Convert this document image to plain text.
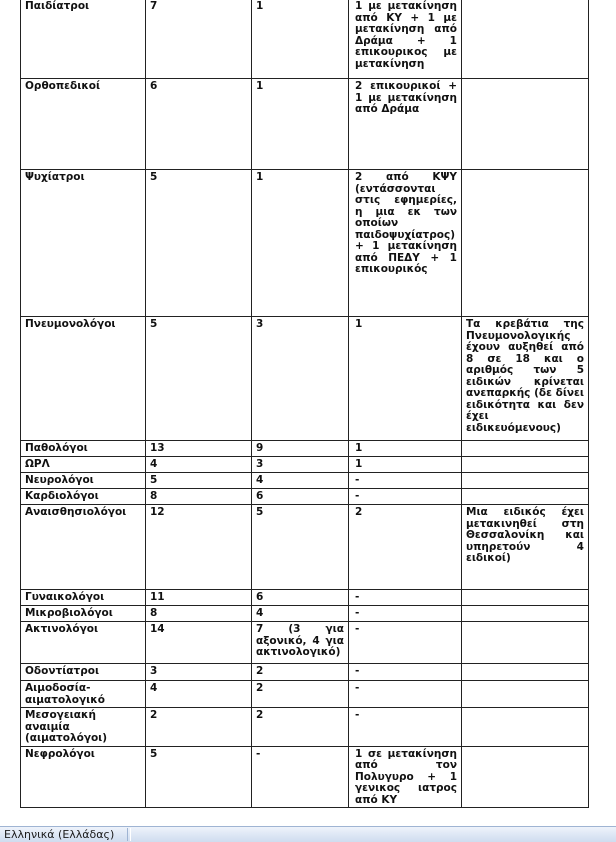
Παιδίατροι	7	1	1 με μετακίνηση από ΚΥ + 1 με μετακίνηση από Δράμα + 1 επικουρικος με μετακίνηση	
Ορθοπεδικοί	6	1	2 επικουρικοί + 1 με μετακίνηση από Δράμα	
Ψυχίατροι	5	1	2 από ΚΨΥ (εντάσσονται στις εφημερίες, η μια εκ των οποίων παιδοψυχίατρος) + 1 μετακίνηση από ΠΕΔΥ + 1 επικουρικός	
Πνευμονολόγοι	5	3	1	Τα κρεβάτια της Πνευμονολογικής έχουν αυξηθεί από 8 σε 18 και ο αριθμός των 5 ειδικών κρίνεται ανεπαρκής (δε δίνει ειδικότητα και δεν έχει ειδικευόμενους)
Παθολόγοι	13	9	1	
ΩΡΛ	4	3	1	
Νευρολόγοι	5	4	-	
Καρδιολόγοι	8	6	-	
Αναισθησιολόγοι	12	5	2	Μια ειδικός έχει μετακινηθεί στη Θεσσαλονίκη και υπηρετούν 4 ειδικοί)
Γυναικολόγοι	11	6	-	
Μικροβιολόγοι	8	4	-	
Ακτινολόγοι	14	7 (3 για αξονικό, 4 για ακτινολογικό)	-	
Οδοντίατροι	3	2	-	
Αιμοδοσία-αιματολογικό	4	2	-	
Μεσογειακή αναιμία (αιματολόγοι)	2	2	-	
Νεφρολόγοι	5	-	1 σε μετακίνηση από τον Πολυγυρο + 1 γενικος ιατρος από ΚΥ	
Ελληνικά (Ελλάδας)
